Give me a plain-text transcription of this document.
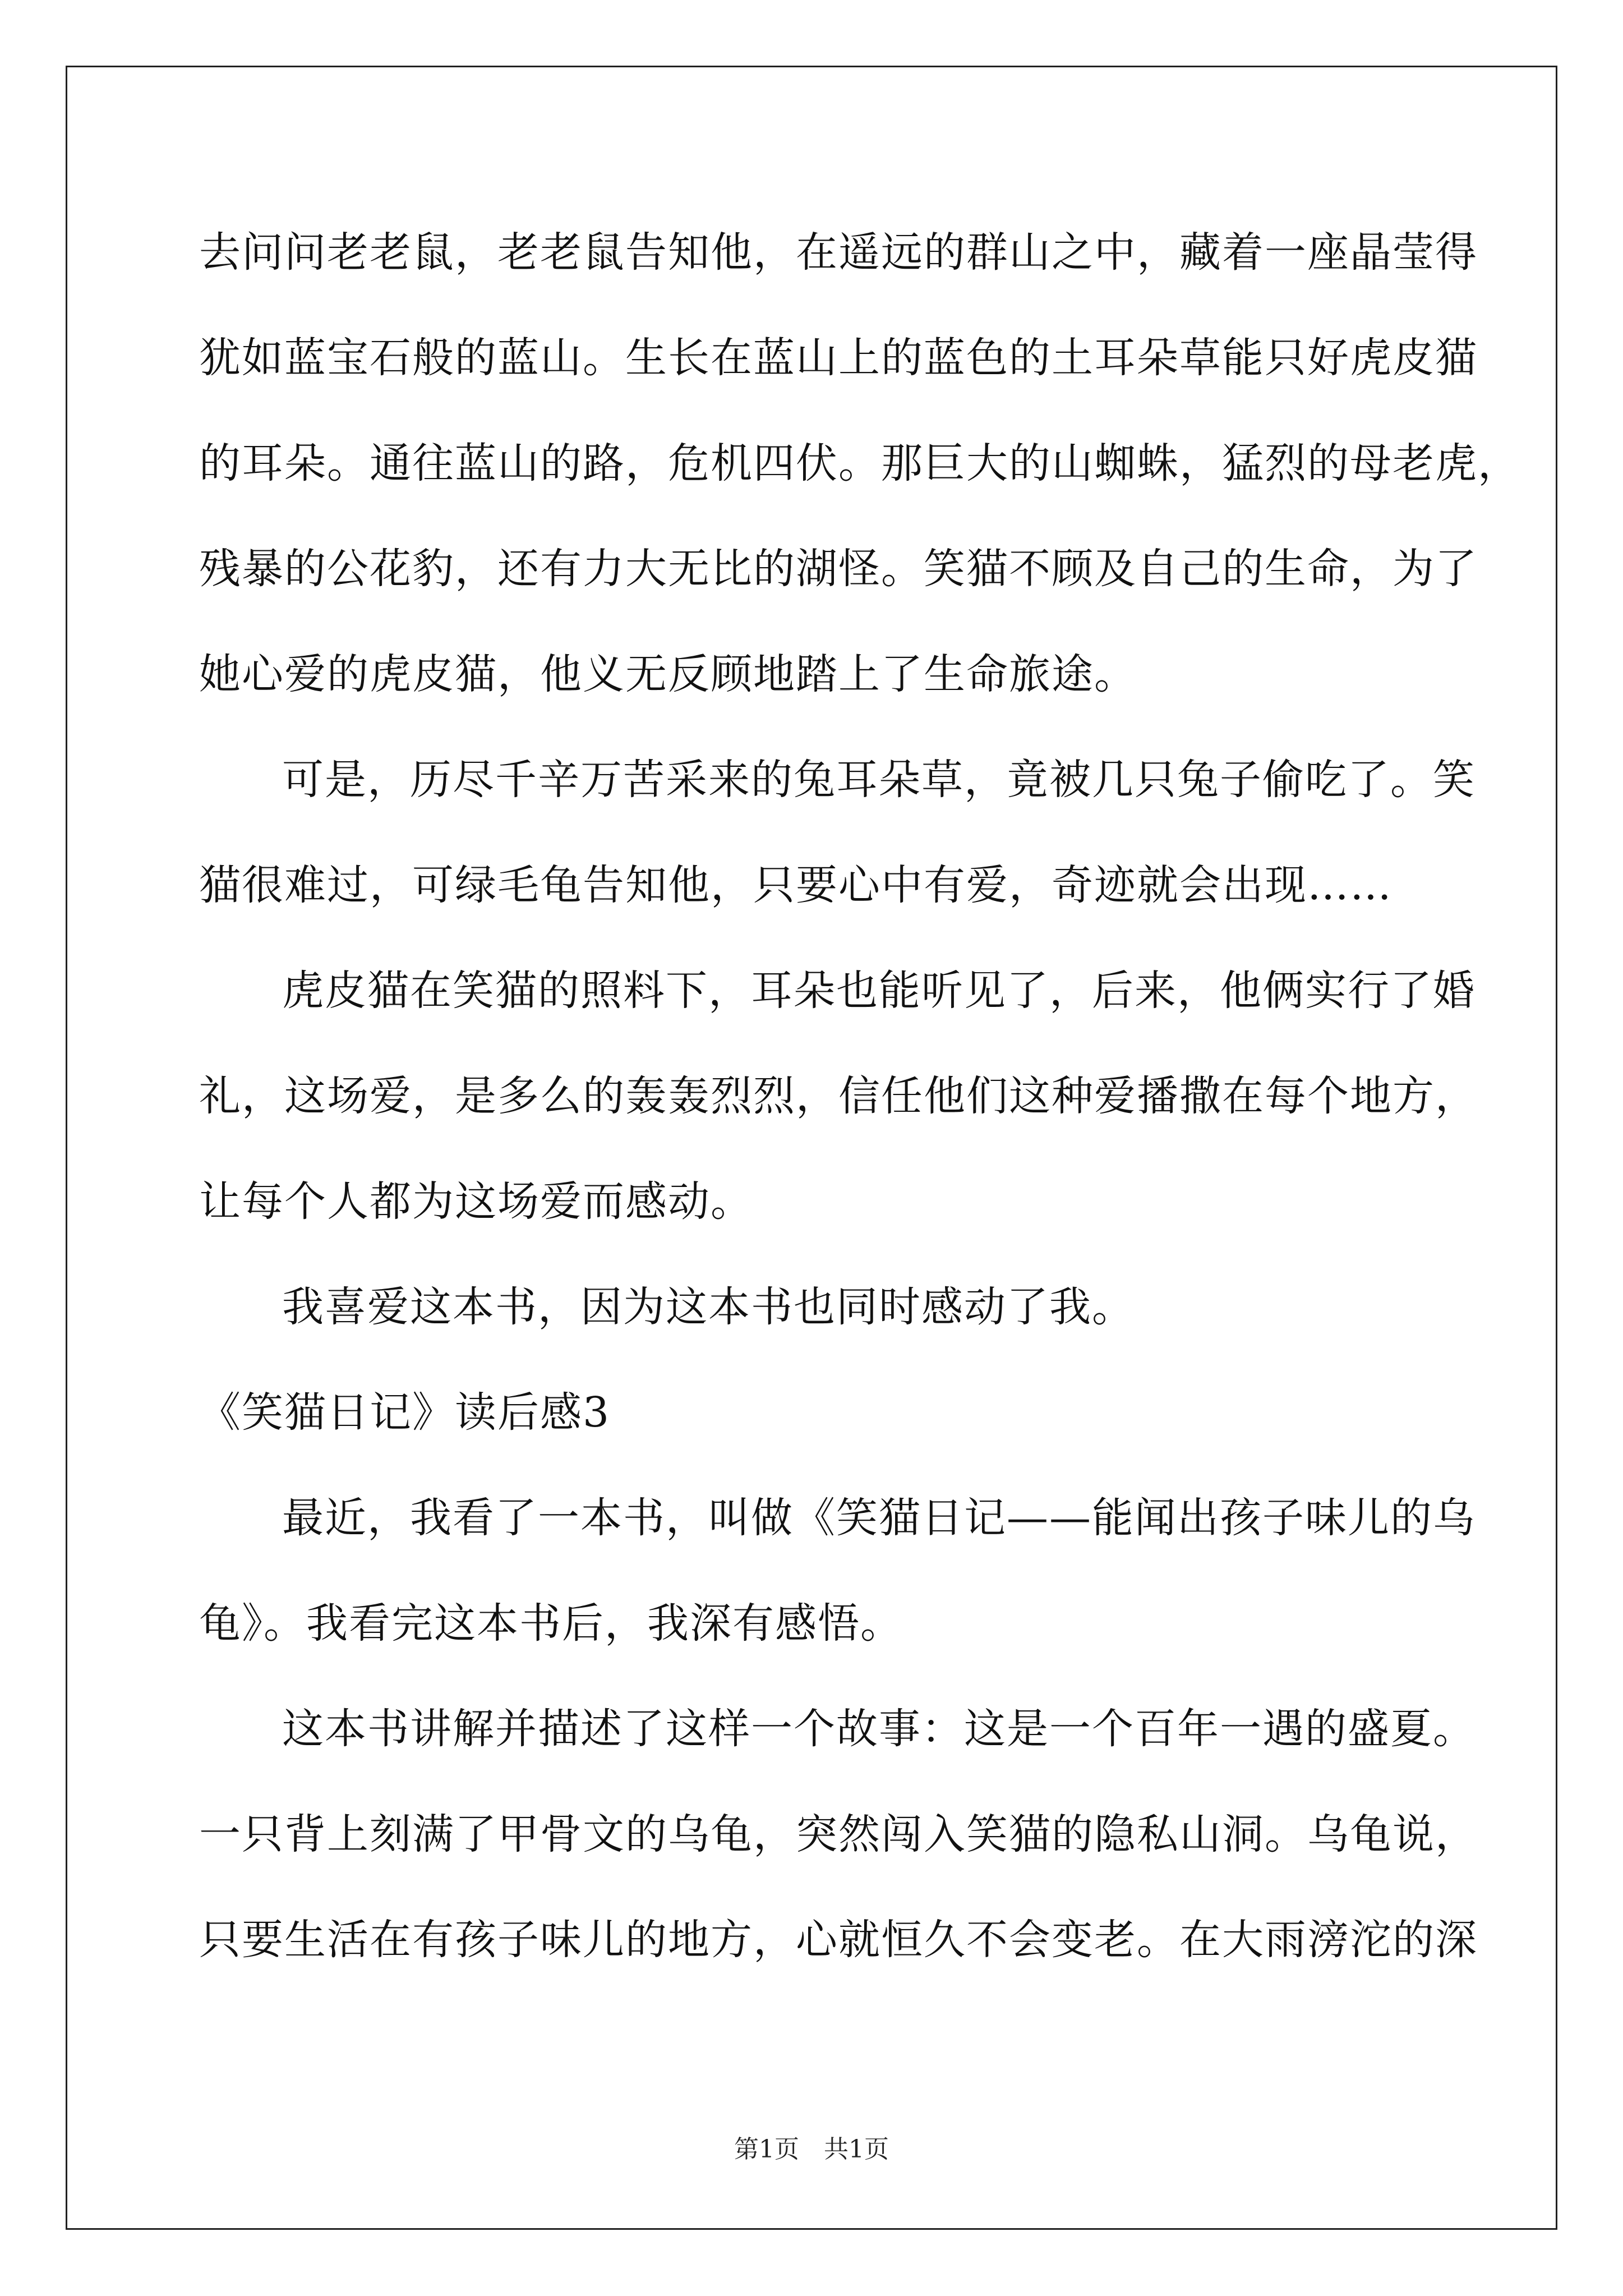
去问问老老鼠，老老鼠告知他，在遥远的群山之中，藏着一座晶莹得
犹如蓝宝石般的蓝山。生长在蓝山上的蓝色的土耳朵草能只好虎皮猫
的耳朵。通往蓝山的路，危机四伏。那巨大的山蜘蛛，猛烈的母老虎，
残暴的公花豹，还有力大无比的湖怪。笑猫不顾及自己的生命，为了
她心爱的虎皮猫，他义无反顾地踏上了生命旅途。
可是，历尽千辛万苦采来的兔耳朵草，竟被几只兔子偷吃了。笑
猫很难过，可绿毛龟告知他，只要心中有爱，奇迹就会出现……
虎皮猫在笑猫的照料下，耳朵也能听见了，后来，他俩实行了婚
礼，这场爱，是多么的轰轰烈烈，信任他们这种爱播撒在每个地方，
让每个人都为这场爱而感动。
我喜爱这本书，因为这本书也同时感动了我。
《笑猫日记》读后感3
最近，我看了一本书，叫做《笑猫日记——能闻出孩子味儿的乌
龟》。我看完这本书后，我深有感悟。
这本书讲解并描述了这样一个故事：这是一个百年一遇的盛夏。
一只背上刻满了甲骨文的乌龟，突然闯入笑猫的隐私山洞。乌龟说，
只要生活在有孩子味儿的地方，心就恒久不会变老。在大雨滂沱的深
第1页　共1页
